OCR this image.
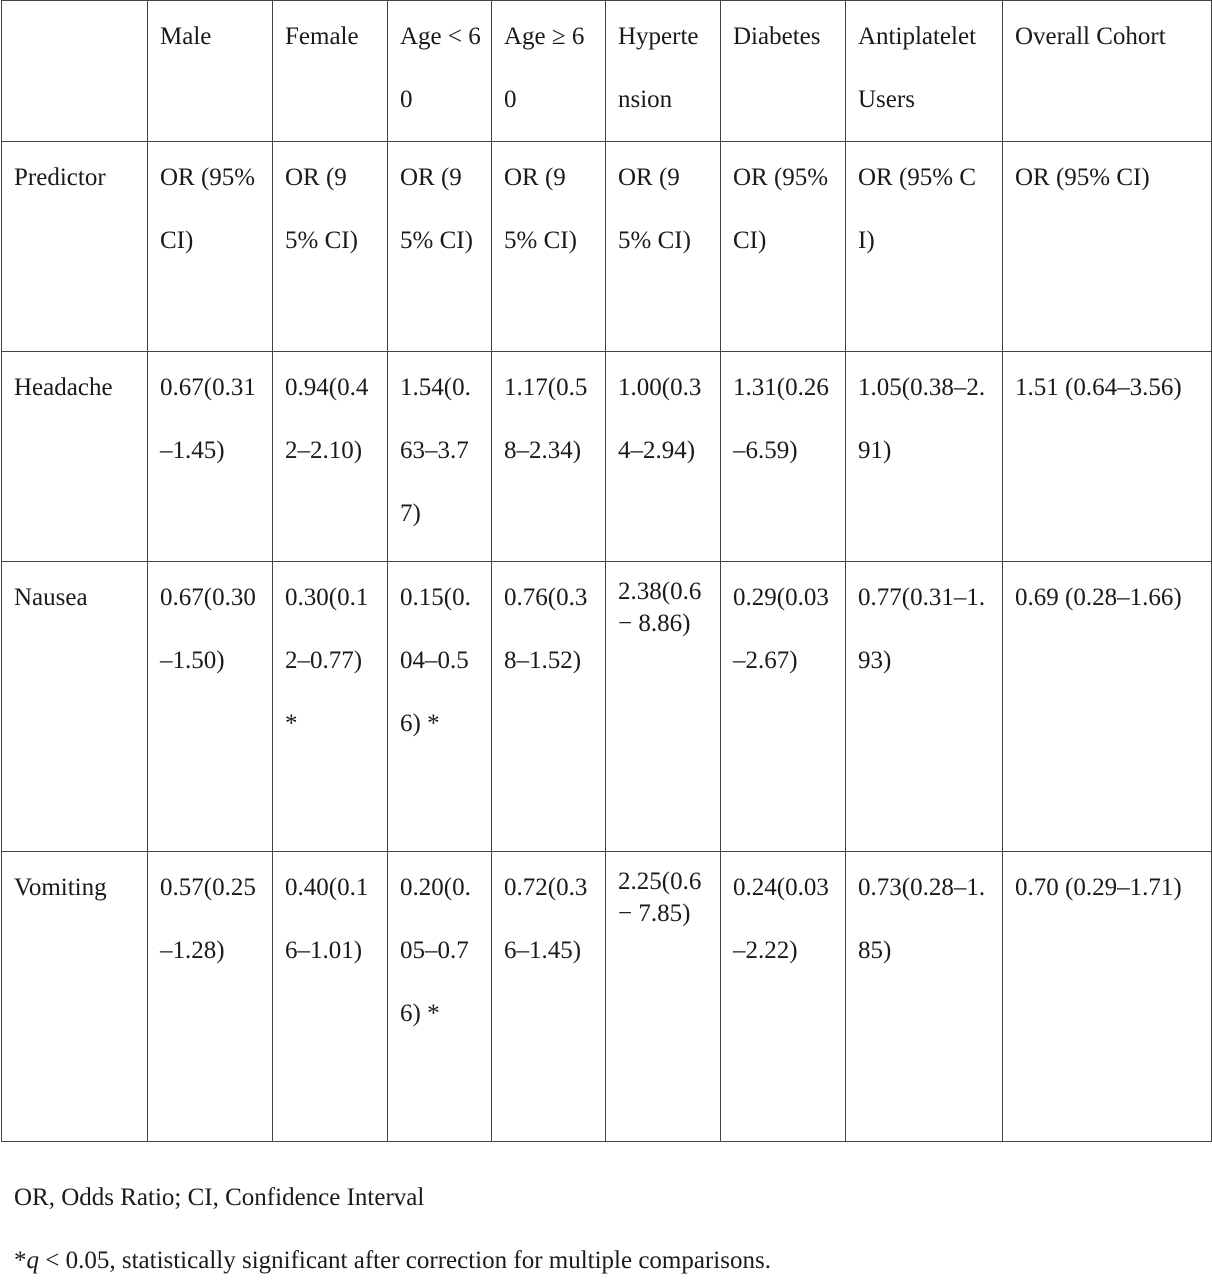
	Male	Female	Age < 60	Age ≥ 60	Hypertension	Diabetes	Antiplatelet Users	Overall Cohort
Predictor	OR (95% CI)	OR (95% CI)	OR (95% CI)	OR (95% CI)	OR (95% CI)	OR (95% CI)	OR (95% CI)	OR (95% CI)
Headache	0.67(0.31–1.45)	0.94(0.42–2.10)	1.54(0.63–3.77)	1.17(0.58–2.34)	1.00(0.34–2.94)	1.31(0.26–6.59)	1.05(0.38–2.91)	1.51 (0.64–3.56)
Nausea	0.67(0.30–1.50)	0.30(0.12–0.77) *	0.15(0.04–0.56) *	0.76(0.38–1.52)	2.38(0.6 − 8.86)	0.29(0.03–2.67)	0.77(0.31–1.93)	0.69 (0.28–1.66)
Vomiting	0.57(0.25–1.28)	0.40(0.16–1.01)	0.20(0.05–0.76) *	0.72(0.36–1.45)	2.25(0.6 − 7.85)	0.24(0.03–2.22)	0.73(0.28–1.85)	0.70 (0.29–1.71)
OR, Odds Ratio; CI, Confidence Interval
*q < 0.05, statistically significant after correction for multiple comparisons.
